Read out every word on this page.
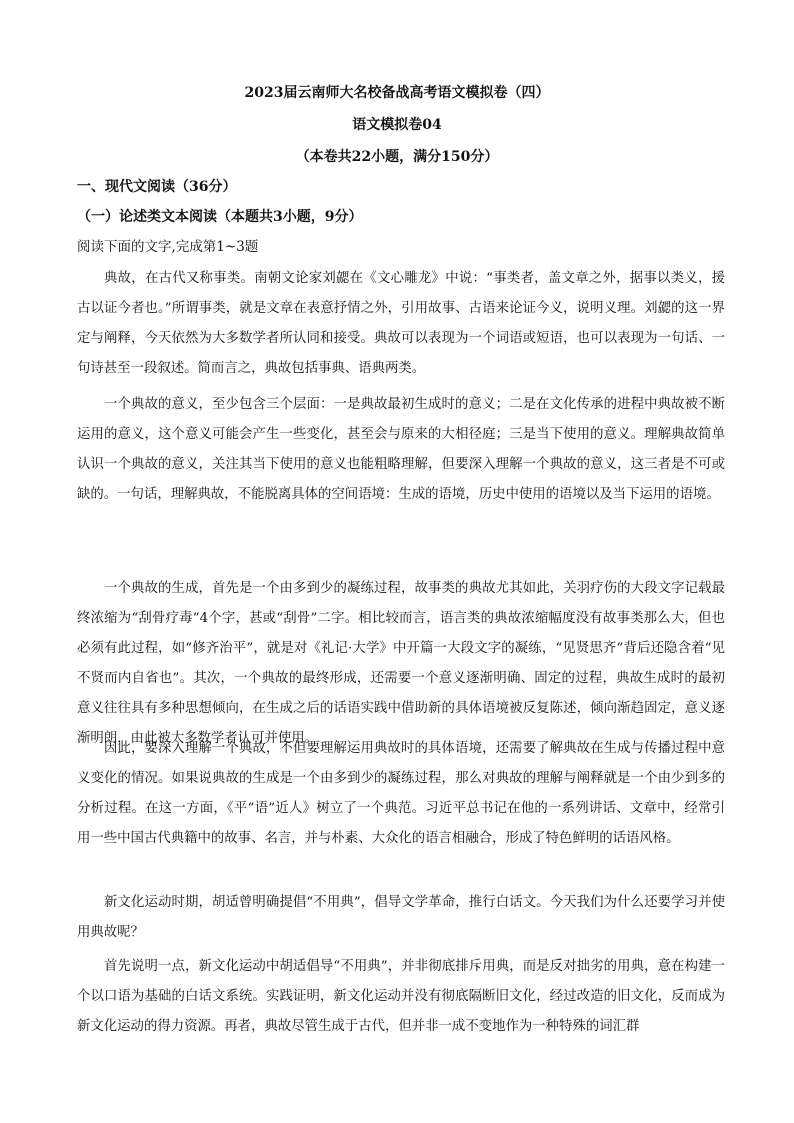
2023届云南师大名校备战高考语文模拟卷（四）
语文模拟卷04
（本卷共22小题，满分150分）
一、现代文阅读（36分）
（一）论述类文本阅读（本题共3小题，9分）
阅读下面的文字,完成第1~3题

典故，在古代又称事类。南朝文论家刘勰在《文心雕龙》中说：“事类者，盖文章之外，据事以类义，援古以证今者也。”所谓事类，就是文章在表意抒情之外，引用故事、古语来论证今义，说明义理。刘勰的这一界定与阐释，今天依然为大多数学者所认同和接受。典故可以表现为一个词语或短语，也可以表现为一句话、一句诗甚至一段叙述。简而言之，典故包括事典、语典两类。

一个典故的意义，至少包含三个层面：一是典故最初生成时的意义；二是在文化传承的进程中典故被不断运用的意义，这个意义可能会产生一些变化，甚至会与原来的大相径庭；三是当下使用的意义。理解典故简单认识一个典故的意义，关注其当下使用的意义也能粗略理解，但要深入理解一个典故的意义，这三者是不可或缺的。一句话，理解典故，不能脱离具体的空间语境：生成的语境，历史中使用的语境以及当下运用的语境。

一个典故的生成，首先是一个由多到少的凝练过程，故事类的典故尤其如此，关羽疗伤的大段文字记载最终浓缩为“刮骨疗毒”4个字，甚或“刮骨”二字。相比较而言，语言类的典故浓缩幅度没有故事类那么大，但也必须有此过程，如“修齐治平”，就是对《礼记·大学》中开篇一大段文字的凝练，“见贤思齐”背后还隐含着“见不贤而内自省也”。其次，一个典故的最终形成，还需要一个意义逐渐明确、固定的过程，典故生成时的最初意义往往具有多种思想倾向，在生成之后的话语实践中借助新的具体语境被反复陈述，倾向渐趋固定，意义逐渐明朗，由此被大多数学者认可并使用。

因此，要深入理解一个典故，不但要理解运用典故时的具体语境，还需要了解典故在生成与传播过程中意义变化的情况。如果说典故的生成是一个由多到少的凝练过程，那么对典故的理解与阐释就是一个由少到多的分析过程。在这一方面，《平“语”近人》树立了一个典范。习近平总书记在他的一系列讲话、文章中，经常引用一些中国古代典籍中的故事、名言，并与朴素、大众化的语言相融合，形成了特色鲜明的话语风格。

新文化运动时期，胡适曾明确提倡“不用典”，倡导文学革命，推行白话文。今天我们为什么还要学习并使用典故呢？

首先说明一点，新文化运动中胡适倡导“不用典”，并非彻底排斥用典，而是反对拙劣的用典，意在构建一个以口语为基础的白话文系统。实践证明，新文化运动并没有彻底隔断旧文化，经过改造的旧文化，反而成为新文化运动的得力资源。再者，典故尽管生成于古代，但并非一成不变地作为一种特殊的词汇群
